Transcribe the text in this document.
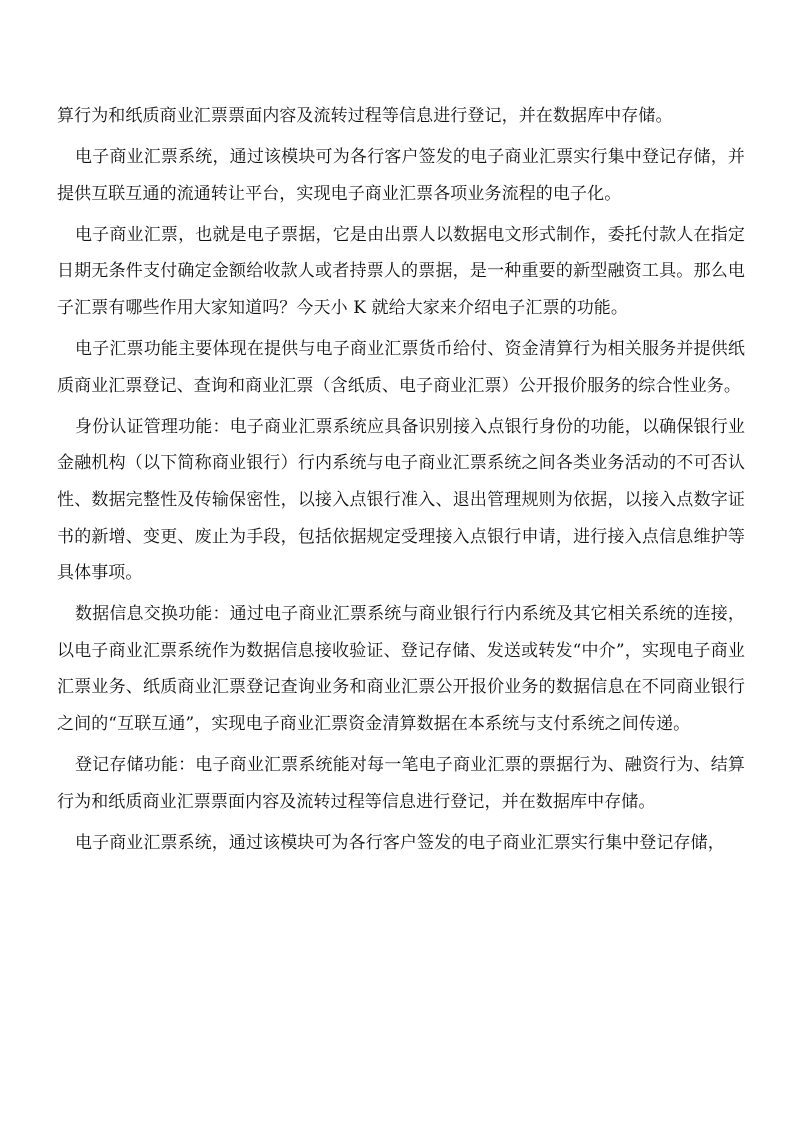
算行为和纸质商业汇票票面内容及流转过程等信息进行登记，并在数据库中存储。

电子商业汇票系统，通过该模块可为各行客户签发的电子商业汇票实行集中登记存储，并提供互联互通的流通转让平台，实现电子商业汇票各项业务流程的电子化。

电子商业汇票，也就是电子票据，它是由出票人以数据电文形式制作，委托付款人在指定日期无条件支付确定金额给收款人或者持票人的票据，是一种重要的新型融资工具。那么电子汇票有哪些作用大家知道吗？今天小 K 就给大家来介绍电子汇票的功能。

电子汇票功能主要体现在提供与电子商业汇票货币给付、资金清算行为相关服务并提供纸质商业汇票登记、查询和商业汇票（含纸质、电子商业汇票）公开报价服务的综合性业务。

身份认证管理功能：电子商业汇票系统应具备识别接入点银行身份的功能，以确保银行业金融机构（以下简称商业银行）行内系统与电子商业汇票系统之间各类业务活动的不可否认性、数据完整性及传输保密性，以接入点银行准入、退出管理规则为依据，以接入点数字证书的新增、变更、废止为手段，包括依据规定受理接入点银行申请，进行接入点信息维护等具体事项。

数据信息交换功能：通过电子商业汇票系统与商业银行行内系统及其它相关系统的连接，以电子商业汇票系统作为数据信息接收验证、登记存储、发送或转发“中介”，实现电子商业汇票业务、纸质商业汇票登记查询业务和商业汇票公开报价业务的数据信息在不同商业银行之间的“互联互通”，实现电子商业汇票资金清算数据在本系统与支付系统之间传递。

登记存储功能：电子商业汇票系统能对每一笔电子商业汇票的票据行为、融资行为、结算行为和纸质商业汇票票面内容及流转过程等信息进行登记，并在数据库中存储。

电子商业汇票系统，通过该模块可为各行客户签发的电子商业汇票实行集中登记存储，
